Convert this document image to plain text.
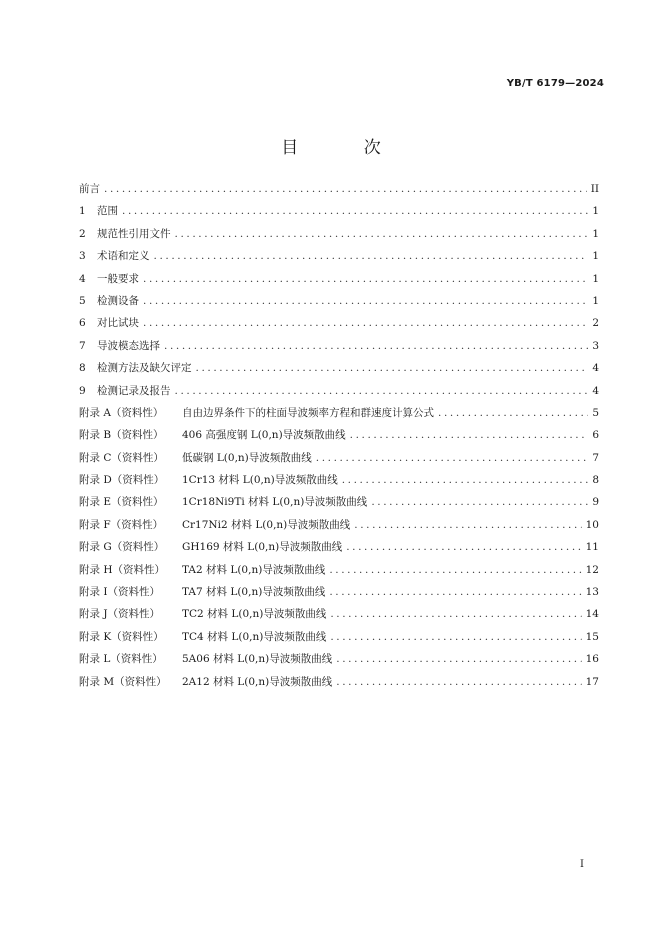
YB/T 6179—2024
目 次
前言 .....	II
1	范围 .....	1
2	规范性引用文件 .....	1
3	术语和定义 .....	1
4	一般要求 .....	1
5	检测设备 .....	1
6	对比试块 .....	2
7	导波模态选择 .....	3
8	检测方法及缺欠评定 .....	4
9	检测记录及报告 .....	4
附录 A（资料性）	自由边界条件下的柱面导波频率方程和群速度计算公式 .....	5
附录 B（资料性）	406 高强度钢 L(0,n)导波频散曲线 .....	6
附录 C（资料性）	低碳钢 L(0,n)导波频散曲线 .....	7
附录 D（资料性）	1Cr13 材料 L(0,n)导波频散曲线 .....	8
附录 E（资料性）	1Cr18Ni9Ti 材料 L(0,n)导波频散曲线 .....	9
附录 F（资料性）	Cr17Ni2 材料 L(0,n)导波频散曲线 .....	10
附录 G（资料性）	GH169 材料 L(0,n)导波频散曲线 .....	11
附录 H（资料性）	TA2 材料 L(0,n)导波频散曲线 .....	12
附录 I（资料性）	TA7 材料 L(0,n)导波频散曲线 .....	13
附录 J（资料性）	TC2 材料 L(0,n)导波频散曲线 .....	14
附录 K（资料性）	TC4 材料 L(0,n)导波频散曲线 .....	15
附录 L（资料性）	5A06 材料 L(0,n)导波频散曲线 .....	16
附录 M（资料性）	2A12 材料 L(0,n)导波频散曲线 .....	17
I
